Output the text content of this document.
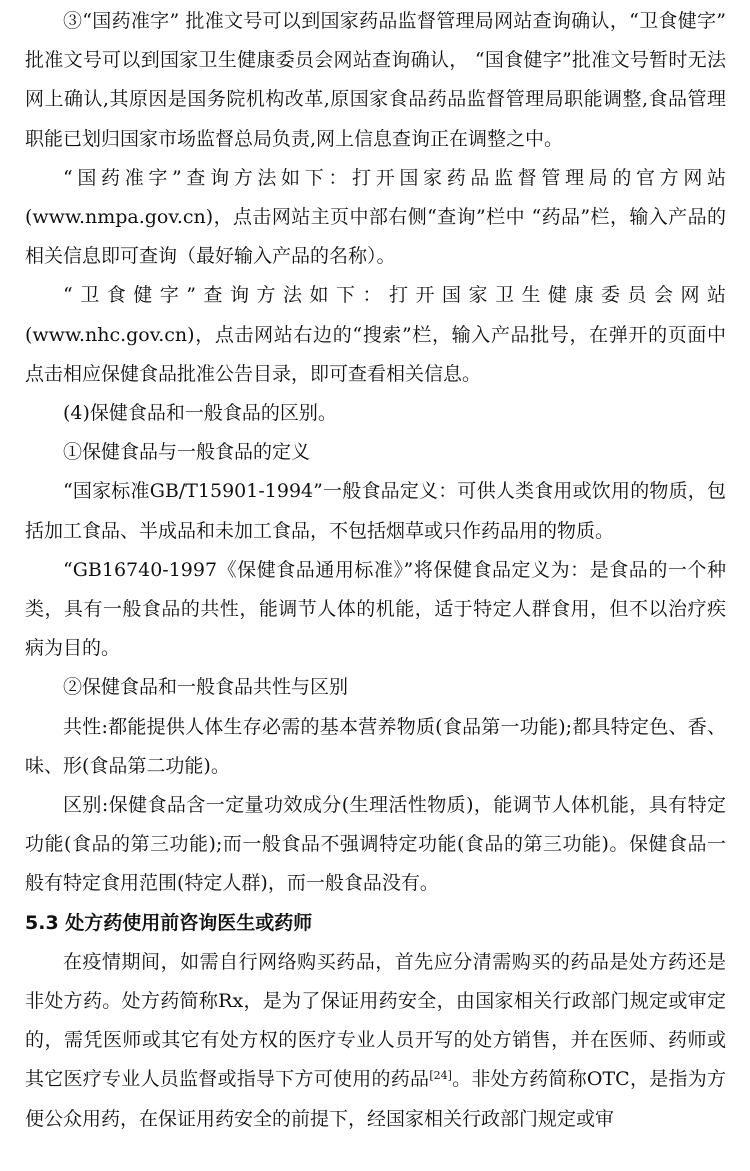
③“国药准字” 批准文号可以到国家药品监督管理局网站查询确认，“卫食健字” 批准文号可以到国家卫生健康委员会网站查询确认， “国食健字”批准文号暂时无法网上确认,其原因是国务院机构改革,原国家食品药品监督管理局职能调整,食品管理职能已划归国家市场监督总局负责,网上信息查询正在调整之中。

“国药准字”查询方法如下：打开国家药品监督管理局的官方网站(www.nmpa.gov.cn)，点击网站主页中部右侧“查询”栏中 “药品”栏，输入产品的相关信息即可查询（最好输入产品的名称）。

“卫食健字”查询方法如下：打开国家卫生健康委员会网站(www.nhc.gov.cn)，点击网站右边的“搜索”栏，输入产品批号，在弹开的页面中点击相应保健食品批准公告目录，即可查看相关信息。

(4)保健食品和一般食品的区别。
①保健食品与一般食品的定义

“国家标准GB/T15901-1994”一般食品定义：可供人类食用或饮用的物质，包括加工食品、半成品和未加工食品，不包括烟草或只作药品用的物质。

“GB16740-1997《保健食品通用标准》”将保健食品定义为：是食品的一个种类，具有一般食品的共性，能调节人体的机能，适于特定人群食用，但不以治疗疾病为目的。

②保健食品和一般食品共性与区别

共性:都能提供人体生存必需的基本营养物质(食品第一功能);都具特定色、香、味、形(食品第二功能)。

区别:保健食品含一定量功效成分(生理活性物质)，能调节人体机能，具有特定功能(食品的第三功能);而一般食品不强调特定功能(食品的第三功能)。保健食品一般有特定食用范围(特定人群)，而一般食品没有。

5.3 处方药使用前咨询医生或药师

在疫情期间，如需自行网络购买药品，首先应分清需购买的药品是处方药还是非处方药。处方药简称Rx，是为了保证用药安全，由国家相关行政部门规定或审定的，需凭医师或其它有处方权的医疗专业人员开写的处方销售，并在医师、药师或其它医疗专业人员监督或指导下方可使用的药品[24]。非处方药简称OTC，是指为方便公众用药，在保证用药安全的前提下，经国家相关行政部门规定或审
